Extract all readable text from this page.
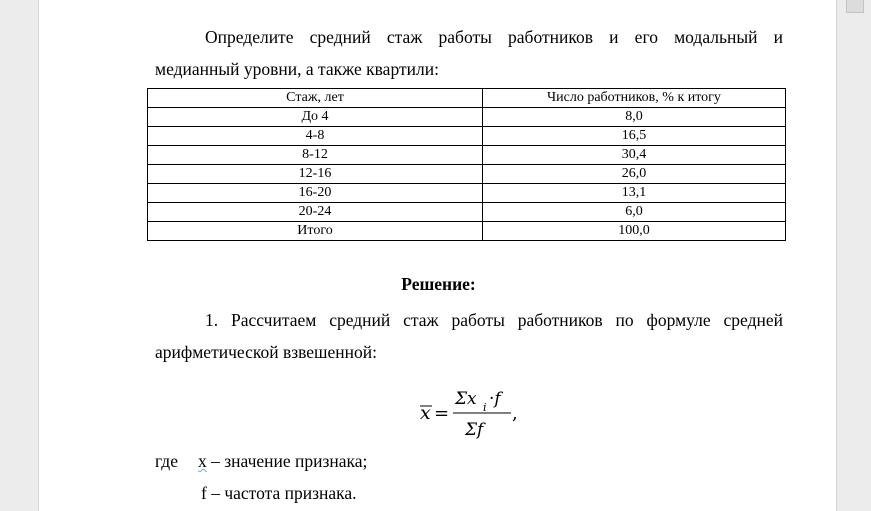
Определите средний стаж работы работников и его модальный и
медианный уровни, а также квартили:
Стаж, лет	Число работников, % к итогу
До 4	8,0
4-8	16,5
8-12	30,4
12-16	26,0
16-20	13,1
20-24	6,0
Итого	100,0
Решение:
1. Рассчитаем средний стаж работы работников по формуле средней
арифметической взвешенной:
x =
Σx i ·f
Σf
,
где x – значение признака;
f – частота признака.
